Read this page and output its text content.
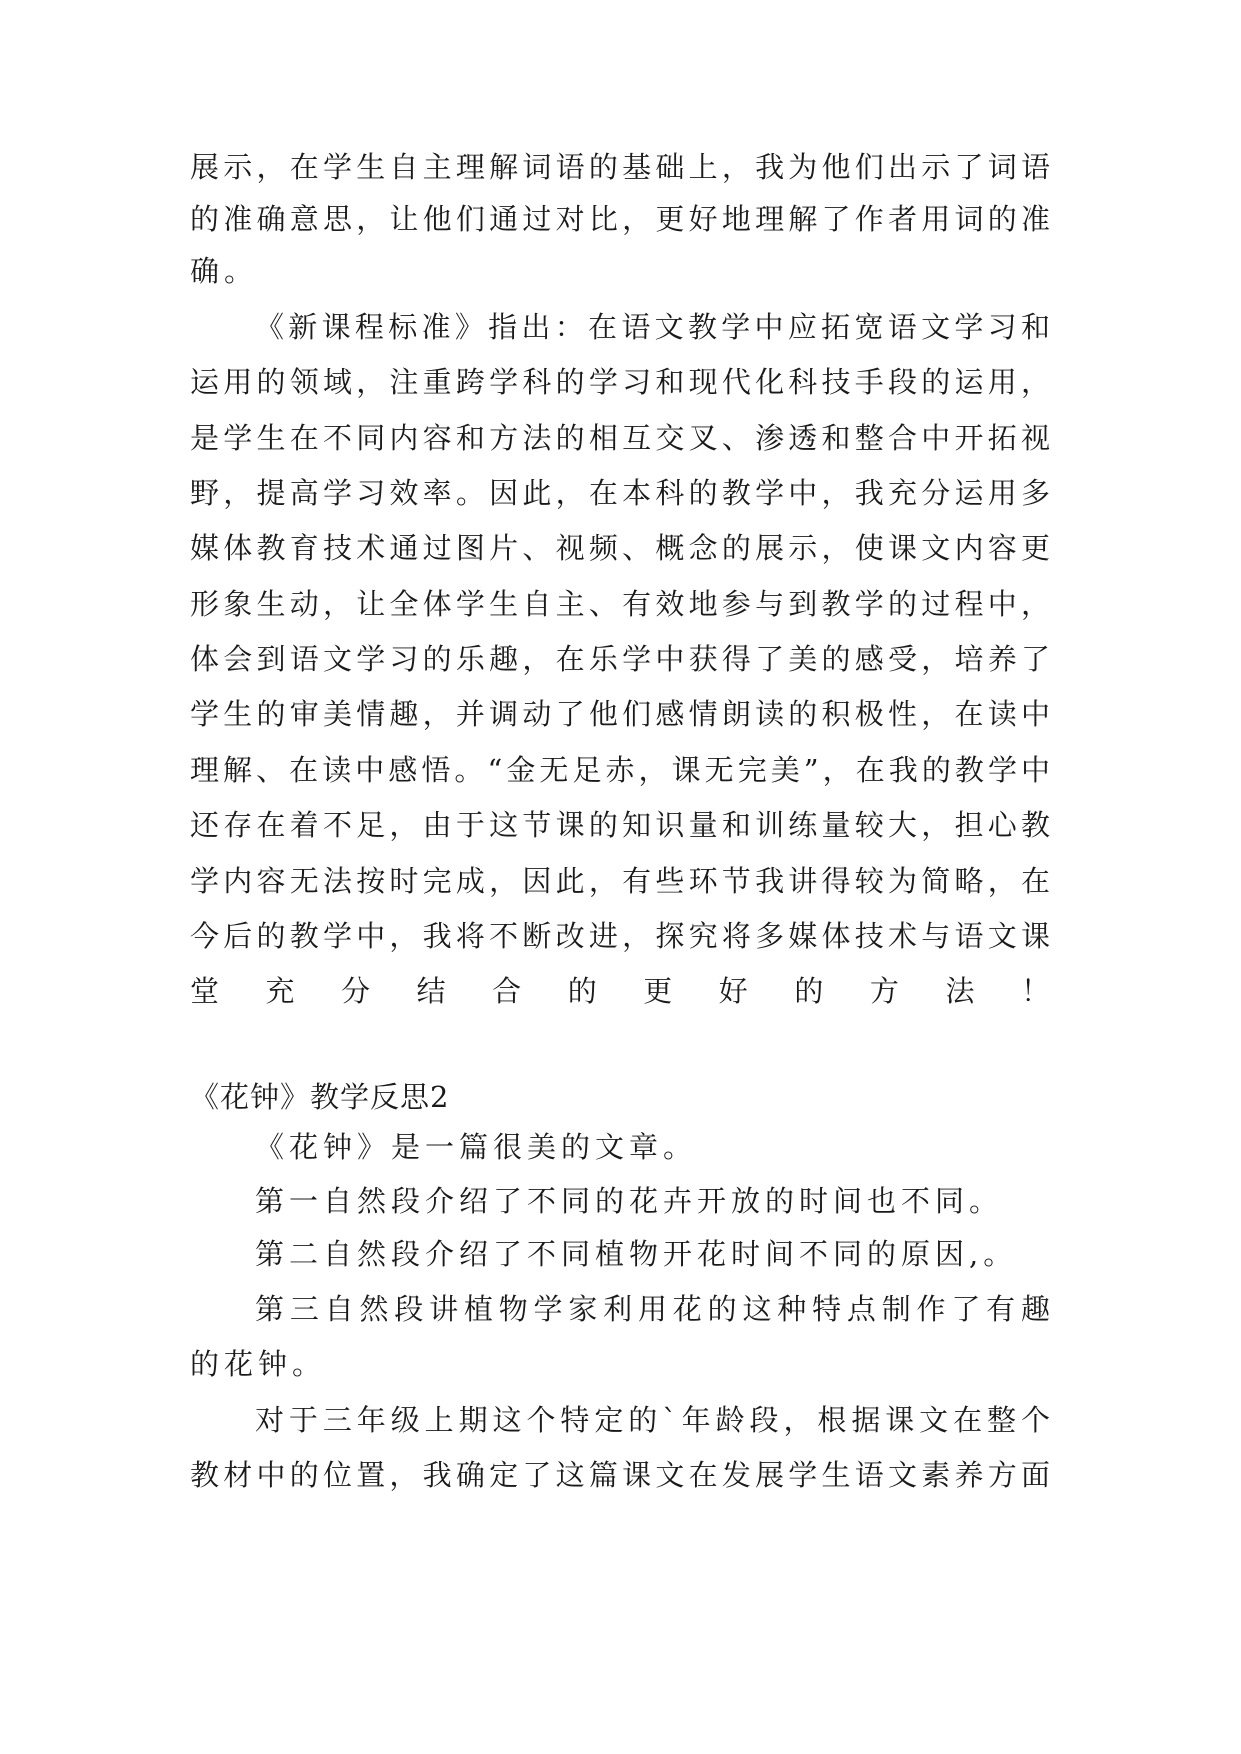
展示，在学生自主理解词语的基础上，我为他们出示了词语
的准确意思，让他们通过对比，更好地理解了作者用词的准
确。
《新课程标准》指出：在语文教学中应拓宽语文学习和
运用的领域，注重跨学科的学习和现代化科技手段的运用，
是学生在不同内容和方法的相互交叉、渗透和整合中开拓视
野，提高学习效率。因此，在本科的教学中，我充分运用多
媒体教育技术通过图片、视频、概念的展示，使课文内容更
形象生动，让全体学生自主、有效地参与到教学的过程中，
体会到语文学习的乐趣，在乐学中获得了美的感受，培养了
学生的审美情趣，并调动了他们感情朗读的积极性，在读中
理解、在读中感悟。“金无足赤，课无完美”，在我的教学中
还存在着不足，由于这节课的知识量和训练量较大，担心教
学内容无法按时完成，因此，有些环节我讲得较为简略，在
今后的教学中，我将不断改进，探究将多媒体技术与语文课
堂充分结合的更好的方法！
《花钟》教学反思2
《花钟》是一篇很美的文章。
第一自然段介绍了不同的花卉开放的时间也不同。
第二自然段介绍了不同植物开花时间不同的原因,。
第三自然段讲植物学家利用花的这种特点制作了有趣
的花钟。
对于三年级上期这个特定的`年龄段，根据课文在整个
教材中的位置，我确定了这篇课文在发展学生语文素养方面
